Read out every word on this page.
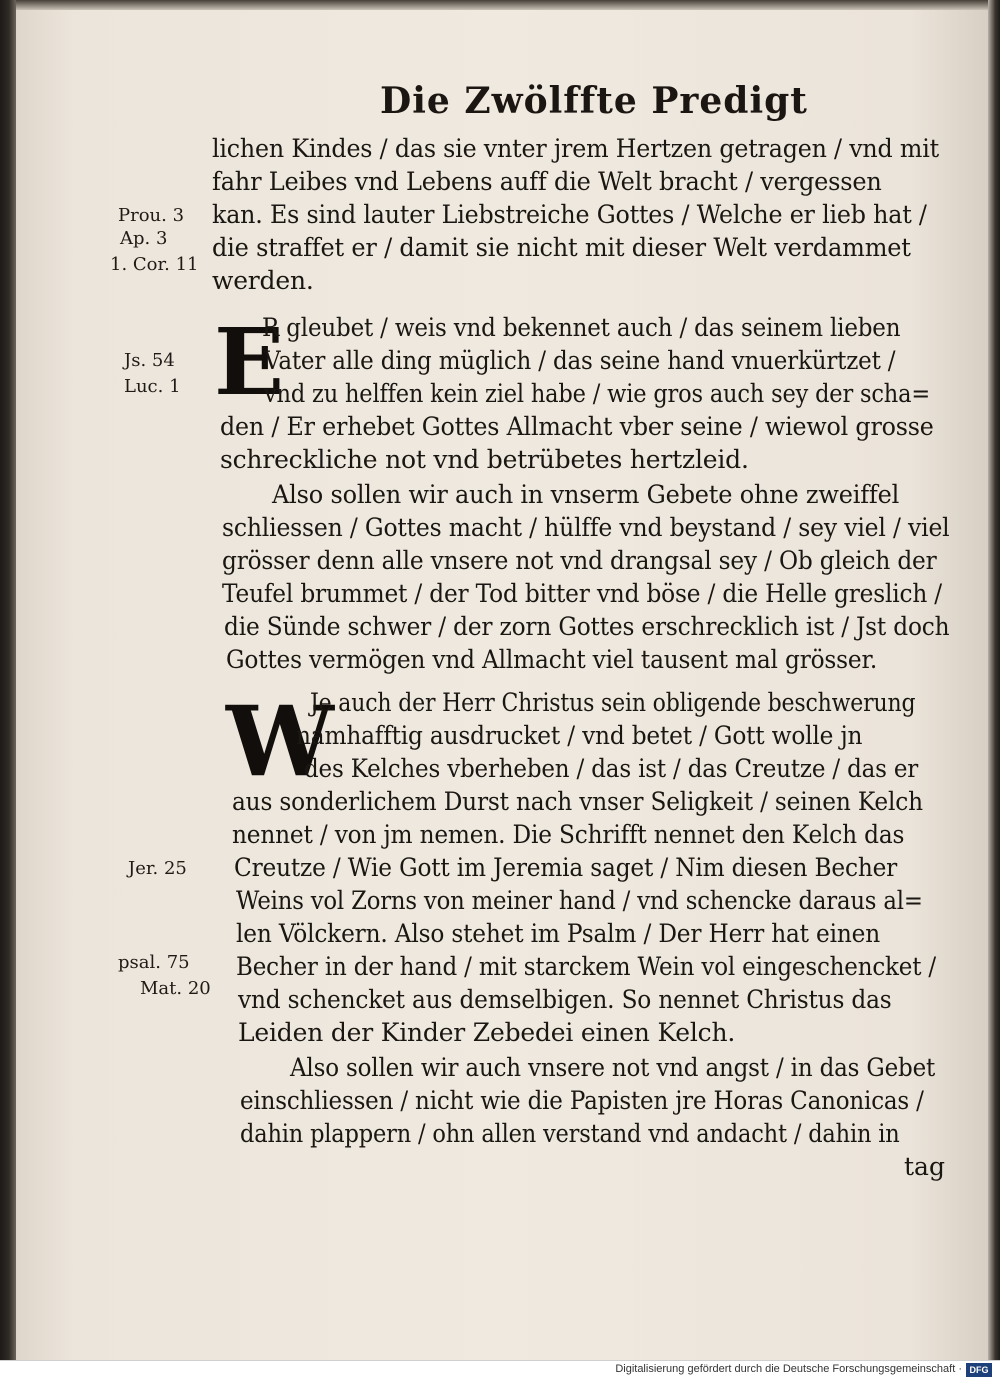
Die Zwölffte Predigt
Prou. 3
Ap. 3
1. Cor. 11
Js. 54
Luc. 1
Jer. 25
psal. 75
Mat. 20
E
W
lichen Kindes / das sie vnter jrem Hertzen getragen / vnd mit
fahr Leibes vnd Lebens auff die Welt bracht / vergessen
kan. Es sind lauter Liebstreiche Gottes / Welche er lieb hat /
die straffet er / damit sie nicht mit dieser Welt verdammet
werden.
R gleubet / weis vnd bekennet auch / das seinem lieben
Vater alle ding müglich / das seine hand vnuerkürtzet /
vnd zu helffen kein ziel habe / wie gros auch sey der scha=
den / Er erhebet Gottes Allmacht vber seine / wiewol grosse
schreckliche not vnd betrübetes hertzleid.
Also sollen wir auch in vnserm Gebete ohne zweiffel
schliessen / Gottes macht / hülffe vnd beystand / sey viel / viel
grösser denn alle vnsere not vnd drangsal sey / Ob gleich der
Teufel brummet / der Tod bitter vnd böse / die Helle greslich /
die Sünde schwer / der zorn Gottes erschrecklich ist / Jst doch
Gottes vermögen vnd Allmacht viel tausent mal grösser.
Je auch der Herr Christus sein obligende beschwerung
namhafftig ausdrucket / vnd betet / Gott wolle jn
des Kelches vberheben / das ist / das Creutze / das er
aus sonderlichem Durst nach vnser Seligkeit / seinen Kelch
nennet / von jm nemen. Die Schrifft nennet den Kelch das
Creutze / Wie Gott im Jeremia saget / Nim diesen Becher
Weins vol Zorns von meiner hand / vnd schencke daraus al=
len Völckern. Also stehet im Psalm / Der Herr hat einen
Becher in der hand / mit starckem Wein vol eingeschencket /
vnd schencket aus demselbigen. So nennet Christus das
Leiden der Kinder Zebedei einen Kelch.
Also sollen wir auch vnsere not vnd angst / in das Gebet
einschliessen / nicht wie die Papisten jre Horas Canonicas /
dahin plappern / ohn allen verstand vnd andacht / dahin in
tag
Digitalisierung gefördert durch die Deutsche Forschungsgemeinschaft · DFG
